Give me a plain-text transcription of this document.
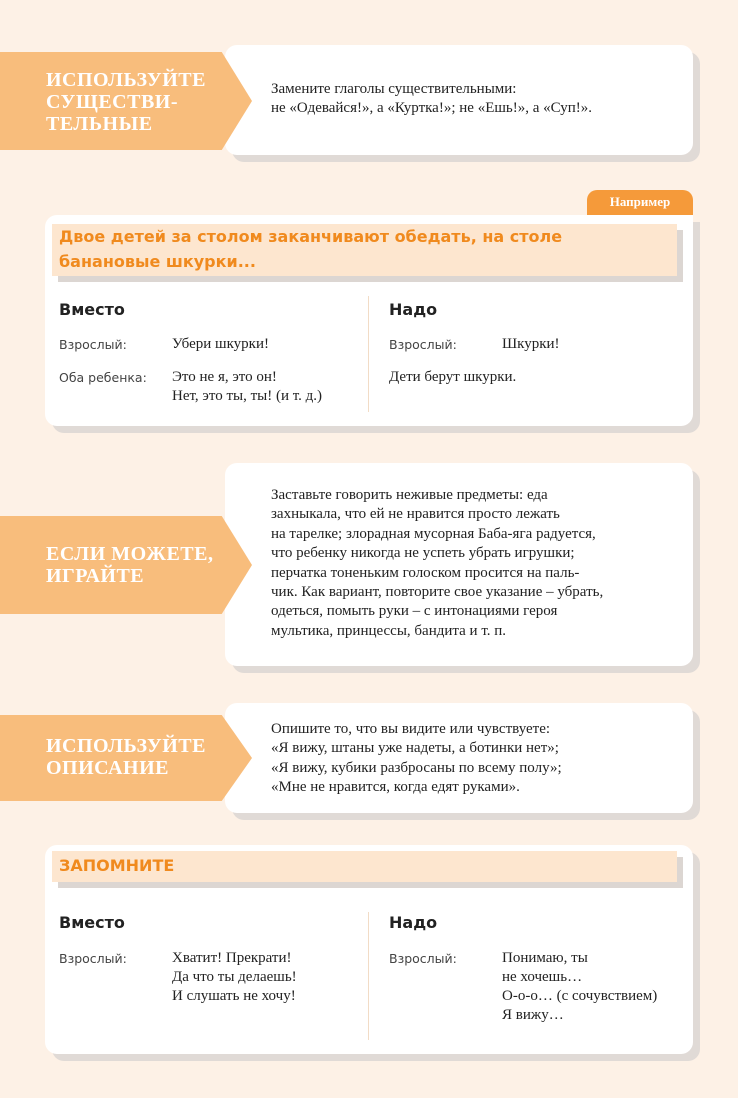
ИСПОЛЬЗУЙТЕ
СУЩЕСТВИ-
ТЕЛЬНЫЕ
Замените глаголы существительными:
не «Одевайся!», а «Куртка!»; не «Ешь!», а «Суп!».
Например
Двое детей за столом заканчивают обедать, на столе банановые шкурки...
Вместо
Взрослый:	Убери шкурки!
Оба ребенка: Это не я, это он!
Нет, это ты, ты! (и т. д.)
Надо
Взрослый:	Шкурки!
Дети берут шкурки.
ЕСЛИ МОЖЕТЕ,
ИГРАЙТЕ
Заставьте говорить неживые предметы: еда
захныкала, что ей не нравится просто лежать
на тарелке; злорадная мусорная Баба-яга радуется,
что ребенку никогда не успеть убрать игрушки;
перчатка тоненьким голоском просится на паль-
чик. Как вариант, повторите свое указание – убрать,
одеться, помыть руки – с интонациями героя
мультика, принцессы, бандита и т. п.
ИСПОЛЬЗУЙТЕ
ОПИСАНИЕ
Опишите то, что вы видите или чувствуете:
«Я вижу, штаны уже надеты, а ботинки нет»;
«Я вижу, кубики разбросаны по всему полу»;
«Мне не нравится, когда едят руками».
ЗАПОМНИТЕ
Вместо
Взрослый:	Хватит! Прекрати!
Да что ты делаешь!
И слушать не хочу!
Надо
Взрослый:	Понимаю, ты
не хочешь…
О-о-о… (с сочувствием)
Я вижу…
